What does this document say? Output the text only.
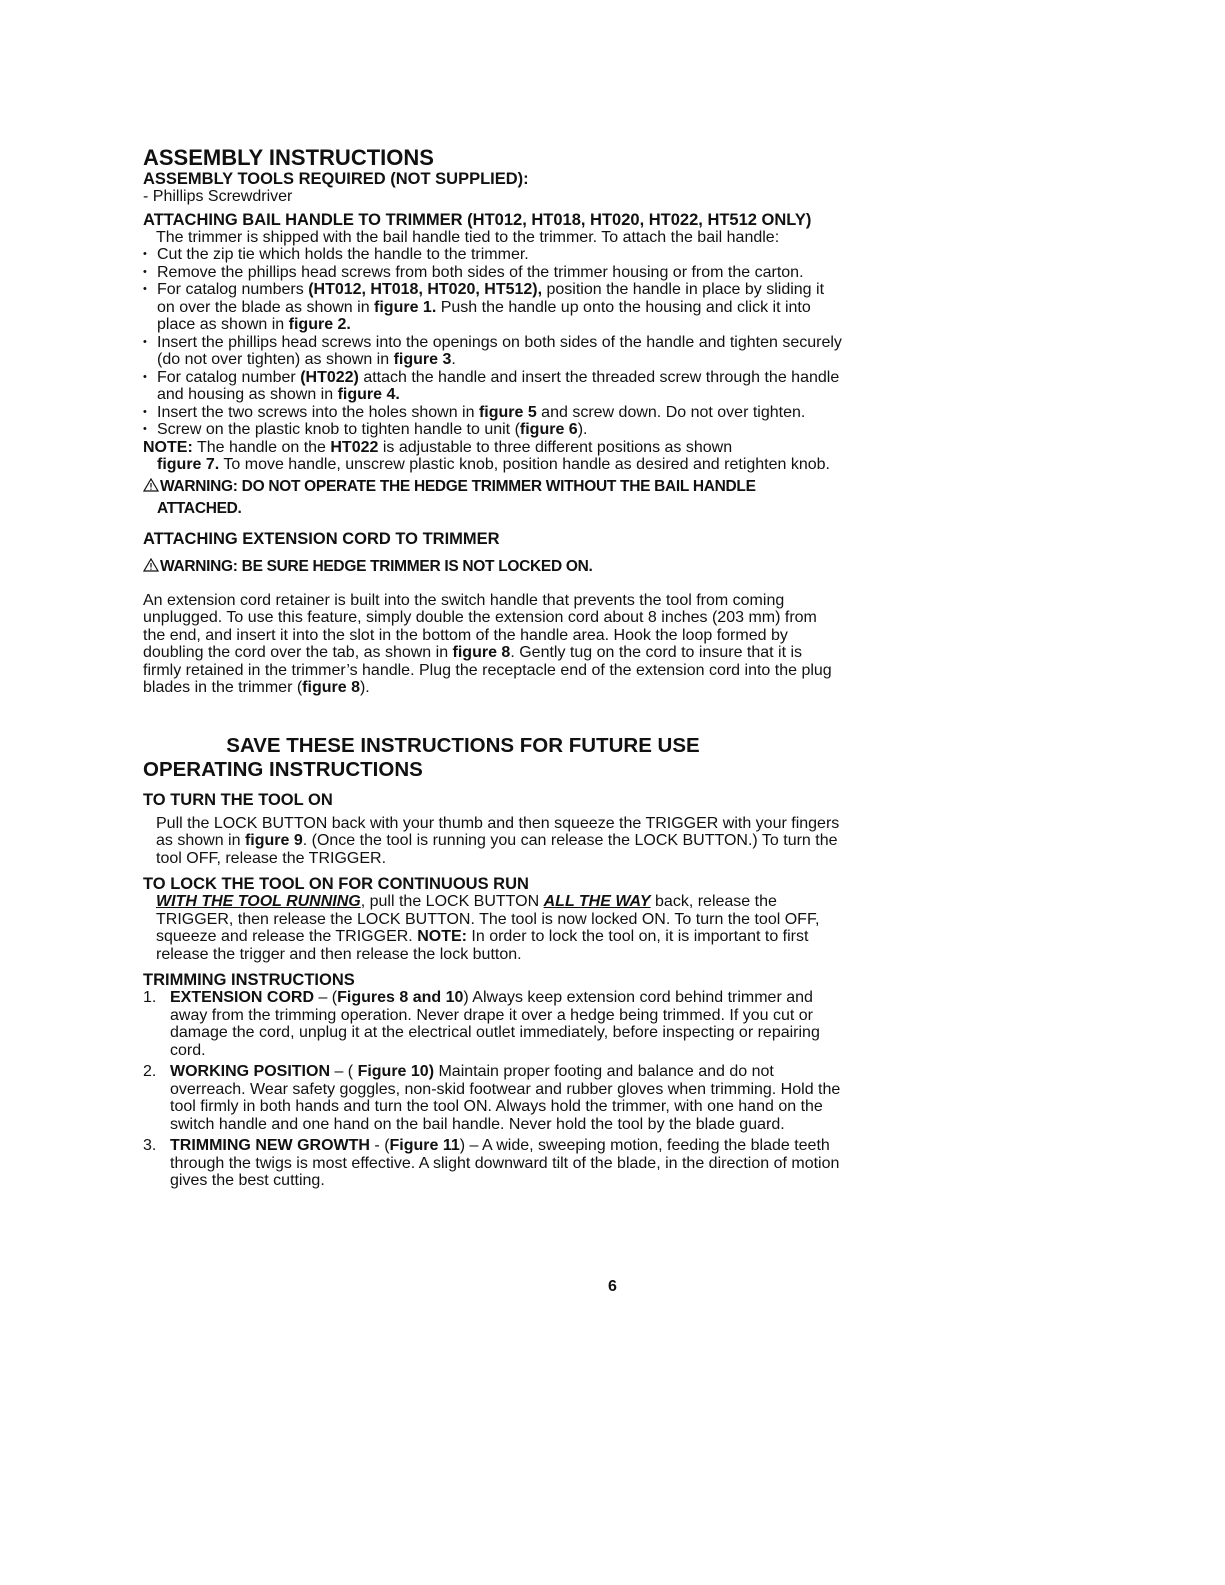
ASSEMBLY INSTRUCTIONS

ASSEMBLY TOOLS REQUIRED (NOT SUPPLIED):

- Phillips Screwdriver

ATTACHING BAIL HANDLE TO TRIMMER (HT012, HT018, HT020, HT022, HT512 ONLY)

The trimmer is shipped with the bail handle tied to the trimmer. To attach the bail handle:

• Cut the zip tie which holds the handle to the trimmer.
• Remove the phillips head screws from both sides of the trimmer housing or from the carton.
• For catalog numbers (HT012, HT018, HT020, HT512), position the handle in place by sliding it on over the blade as shown in figure 1. Push the handle up onto the housing and click it into place as shown in figure 2.
• Insert the phillips head screws into the openings on both sides of the handle and tighten securely (do not over tighten) as shown in figure 3.
• For catalog number (HT022) attach the handle and insert the threaded screw through the handle and housing as shown in figure 4.
• Insert the two screws into the holes shown in figure 5 and screw down. Do not over tighten.
• Screw on the plastic knob to tighten handle to unit (figure 6).

NOTE: The handle on the HT022 is adjustable to three different positions as shown
figure 7. To move handle, unscrew plastic knob, position handle as desired and retighten knob.

WARNING: DO NOT OPERATE THE HEDGE TRIMMER WITHOUT THE BAIL HANDLE
ATTACHED.

ATTACHING EXTENSION CORD TO TRIMMER

WARNING: BE SURE HEDGE TRIMMER IS NOT LOCKED ON.

An extension cord retainer is built into the switch handle that prevents the tool from coming unplugged. To use this feature, simply double the extension cord about 8 inches (203 mm) from the end, and insert it into the slot in the bottom of the handle area. Hook the loop formed by doubling the cord over the tab, as shown in figure 8. Gently tug on the cord to insure that it is firmly retained in the trimmer’s handle. Plug the receptacle end of the extension cord into the plug blades in the trimmer (figure 8).

SAVE THESE INSTRUCTIONS FOR FUTURE USE

OPERATING INSTRUCTIONS

TO TURN THE TOOL ON

Pull the LOCK BUTTON back with your thumb and then squeeze the TRIGGER with your fingers as shown in figure 9. (Once the tool is running you can release the LOCK BUTTON.) To turn the tool OFF, release the TRIGGER.

TO LOCK THE TOOL ON FOR CONTINUOUS RUN

WITH THE TOOL RUNNING, pull the LOCK BUTTON ALL THE WAY back, release the TRIGGER, then release the LOCK BUTTON. The tool is now locked ON. To turn the tool OFF, squeeze and release the TRIGGER. NOTE: In order to lock the tool on, it is important to first release the trigger and then release the lock button.

TRIMMING INSTRUCTIONS

1. EXTENSION CORD – (Figures 8 and 10) Always keep extension cord behind trimmer and away from the trimming operation. Never drape it over a hedge being trimmed. If you cut or damage the cord, unplug it at the electrical outlet immediately, before inspecting or repairing cord.
2. WORKING POSITION – ( Figure 10) Maintain proper footing and balance and do not overreach. Wear safety goggles, non-skid footwear and rubber gloves when trimming. Hold the tool firmly in both hands and turn the tool ON. Always hold the trimmer, with one hand on the switch handle and one hand on the bail handle. Never hold the tool by the blade guard.
3. TRIMMING NEW GROWTH - (Figure 11) – A wide, sweeping motion, feeding the blade teeth through the twigs is most effective. A slight downward tilt of the blade, in the direction of motion gives the best cutting.
6
